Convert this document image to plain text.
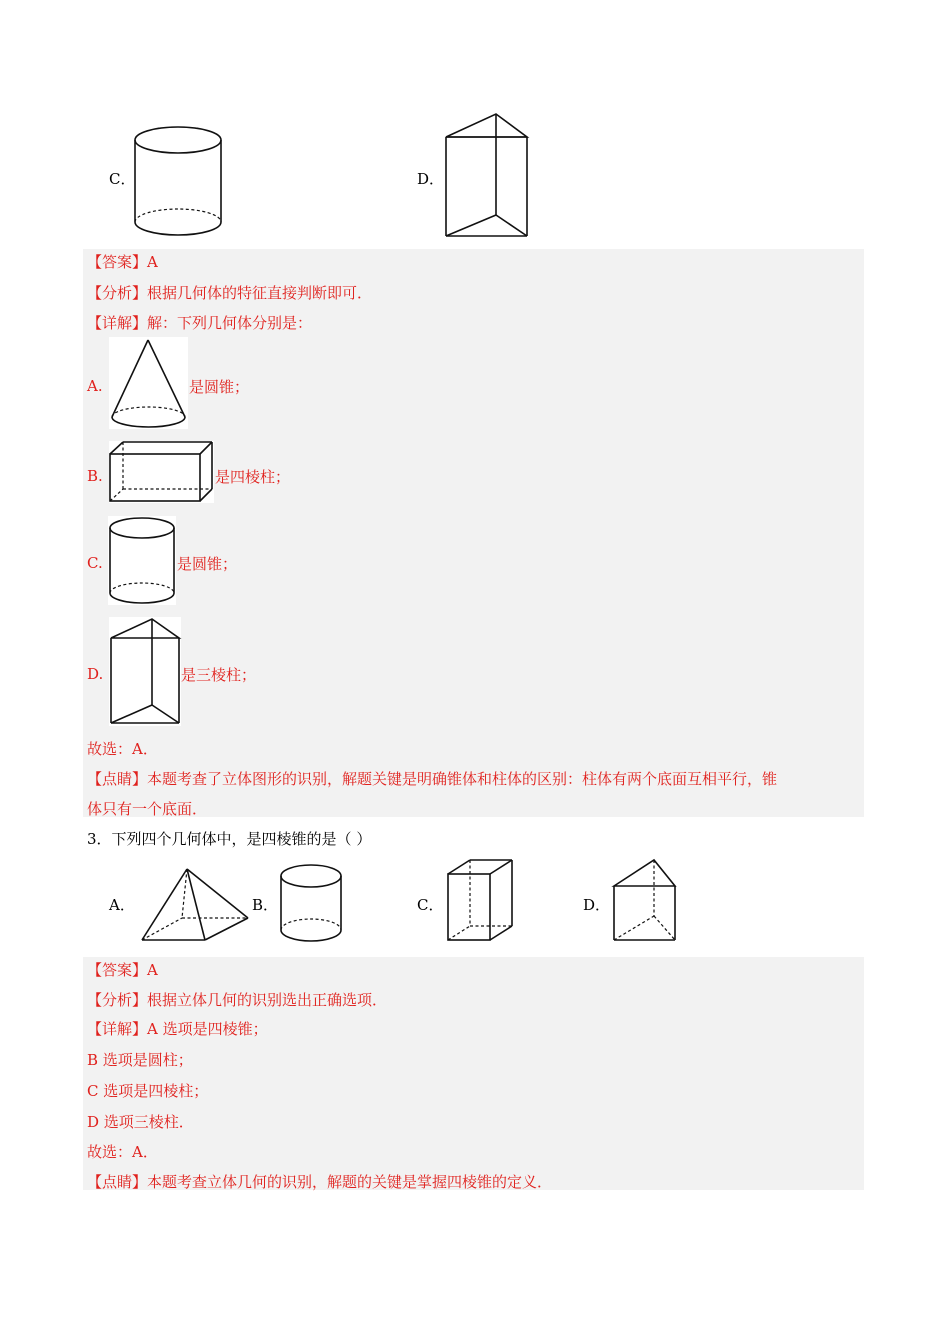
C．	D．
【答案】A
【分析】根据几何体的特征直接判断即可．
【详解】解：下列几何体分别是：
A.	是圆锥；
B.	是四棱柱；
C.	是圆锥；
D.	是三棱柱；
故选：A．
【点睛】本题考查了立体图形的识别，解题关键是明确锥体和柱体的区别：柱体有两个底面互相平行，锥
体只有一个底面．
3．下列四个几何体中，是四棱锥的是（ ）
A．	B．	C．	D．
【答案】A
【分析】根据立体几何的识别选出正确选项．
【详解】A 选项是四棱锥；
B 选项是圆柱；
C 选项是四棱柱；
D 选项三棱柱．
故选：A．
【点睛】本题考查立体几何的识别，解题的关键是掌握四棱锥的定义．
